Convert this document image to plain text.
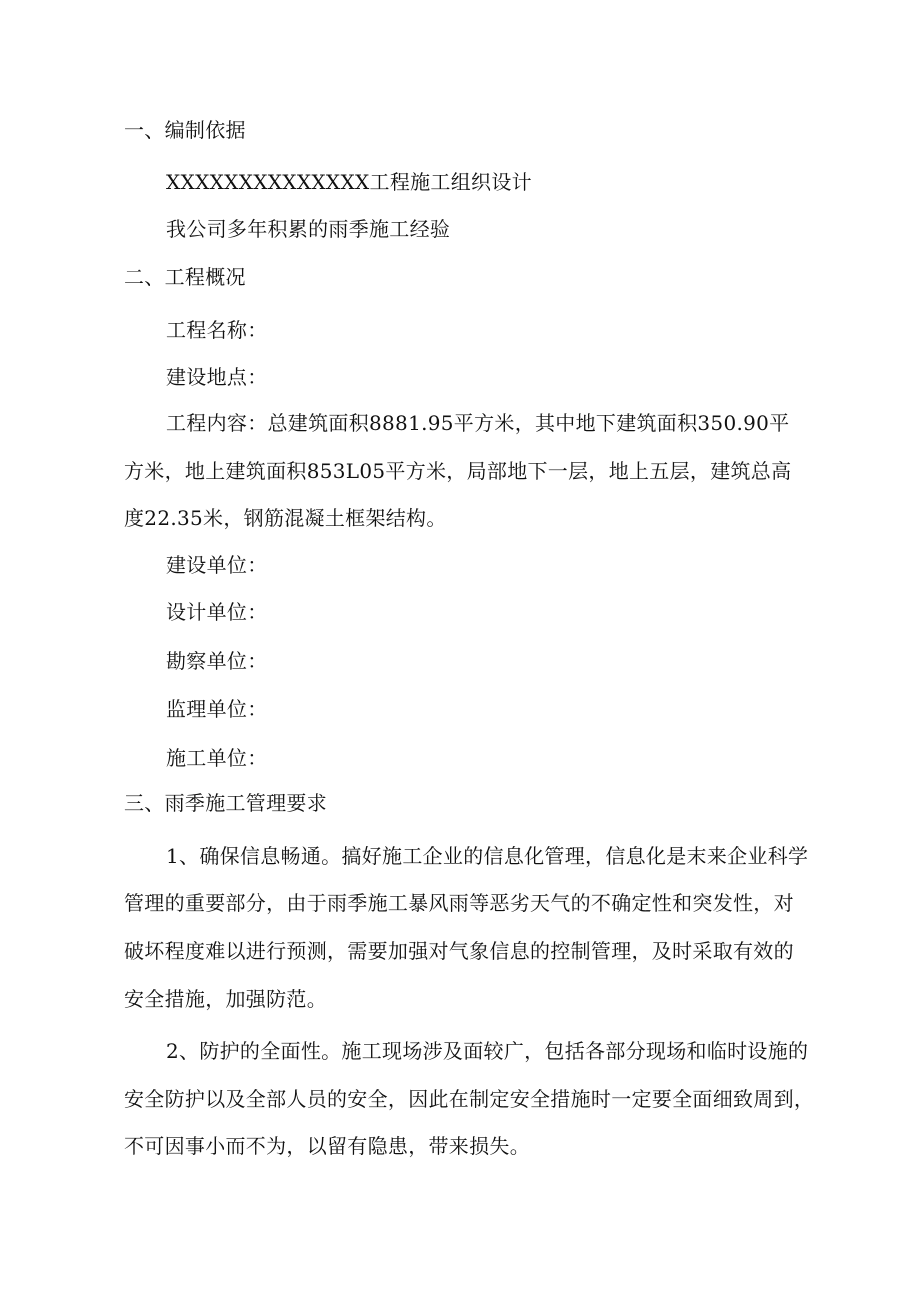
一、编制依据
XXXXXXXXXXXXXX工程施工组织设计
我公司多年积累的雨季施工经验
二、工程概况
工程名称：
建设地点：
工程内容：总建筑面积8881.95平方米，其中地下建筑面积350.90平
方米，地上建筑面积853L05平方米，局部地下一层，地上五层，建筑总高
度22.35米，钢筋混凝土框架结构。
建设单位：
设计单位：
勘察单位：
监理单位：
施工单位：
三、雨季施工管理要求
1、确保信息畅通。搞好施工企业的信息化管理，信息化是末来企业科学
管理的重要部分，由于雨季施工暴风雨等恶劣天气的不确定性和突发性，对
破坏程度难以进行预测，需要加强对气象信息的控制管理，及时采取有效的
安全措施，加强防范。
2、防护的全面性。施工现场涉及面较广，包括各部分现场和临时设施的
安全防护以及全部人员的安全，因此在制定安全措施时一定要全面细致周到，
不可因事小而不为，以留有隐患，带来损失。
